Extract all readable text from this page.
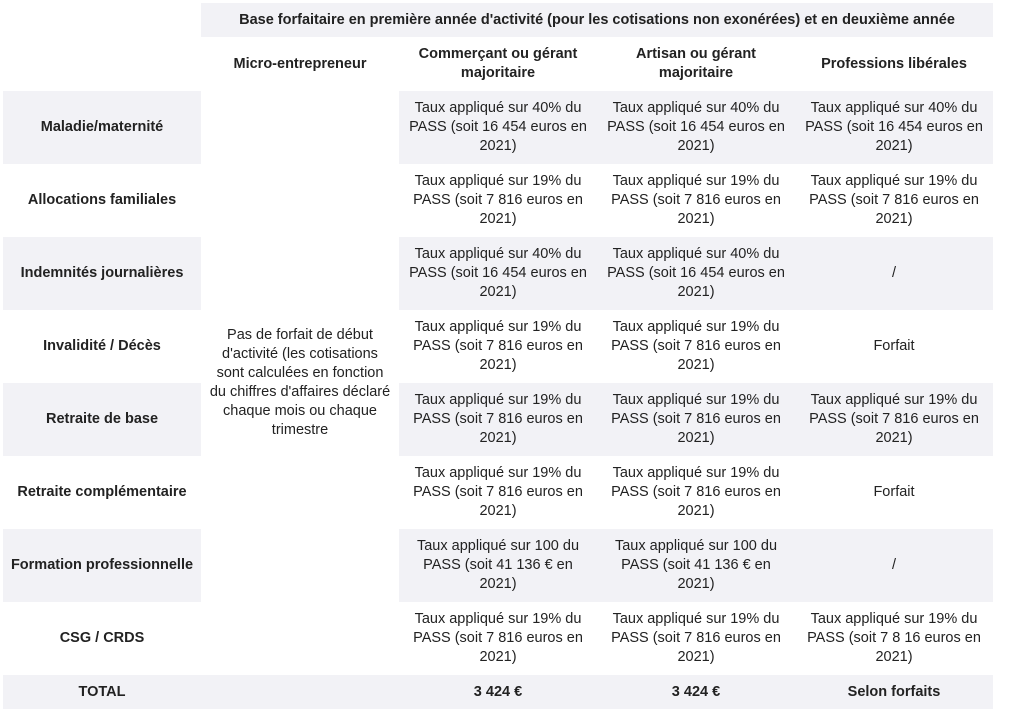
	Base forfaitaire en première année d'activité (pour les cotisations non exonérées) et en deuxième année			
	Micro-entrepreneur	Commerçant ou gérant majoritaire	Artisan ou gérant majoritaire	Professions libérales
Maladie/maternité	Pas de forfait de début d'activité (les cotisations sont calculées en fonction du chiffres d'affaires déclaré chaque mois ou chaque trimestre	Taux appliqué sur 40% du PASS (soit 16 454 euros en 2021)	Taux appliqué sur 40% du PASS (soit 16 454 euros en 2021)	Taux appliqué sur 40% du PASS (soit 16 454 euros en 2021)
Allocations familiales		Taux appliqué sur 19% du PASS (soit 7 816 euros en 2021)	Taux appliqué sur 19% du PASS (soit 7 816 euros en 2021)	Taux appliqué sur 19% du PASS (soit 7 816 euros en 2021)
Indemnités journalières		Taux appliqué sur 40% du PASS (soit 16 454 euros en 2021)	Taux appliqué sur 40% du PASS (soit 16 454 euros en 2021)	/
Invalidité / Décès		Taux appliqué sur 19% du PASS (soit 7 816 euros en 2021)	Taux appliqué sur 19% du PASS (soit 7 816 euros en 2021)	Forfait
Retraite de base		Taux appliqué sur 19% du PASS (soit 7 816 euros en 2021)	Taux appliqué sur 19% du PASS (soit 7 816 euros en 2021)	Taux appliqué sur 19% du PASS (soit 7 816 euros en 2021)
Retraite complémentaire		Taux appliqué sur 19% du PASS (soit 7 816 euros en 2021)	Taux appliqué sur 19% du PASS (soit 7 816 euros en 2021)	Forfait
Formation professionnelle		Taux appliqué sur 100 du PASS (soit 41 136 € en 2021)	Taux appliqué sur 100 du PASS (soit 41 136 € en 2021)	/
CSG / CRDS		Taux appliqué sur 19% du PASS (soit 7 816 euros en 2021)	Taux appliqué sur 19% du PASS (soit 7 816 euros en 2021)	Taux appliqué sur 19% du PASS (soit 7 8 16 euros en 2021)
TOTAL		3 424 €	3 424 €	Selon forfaits
